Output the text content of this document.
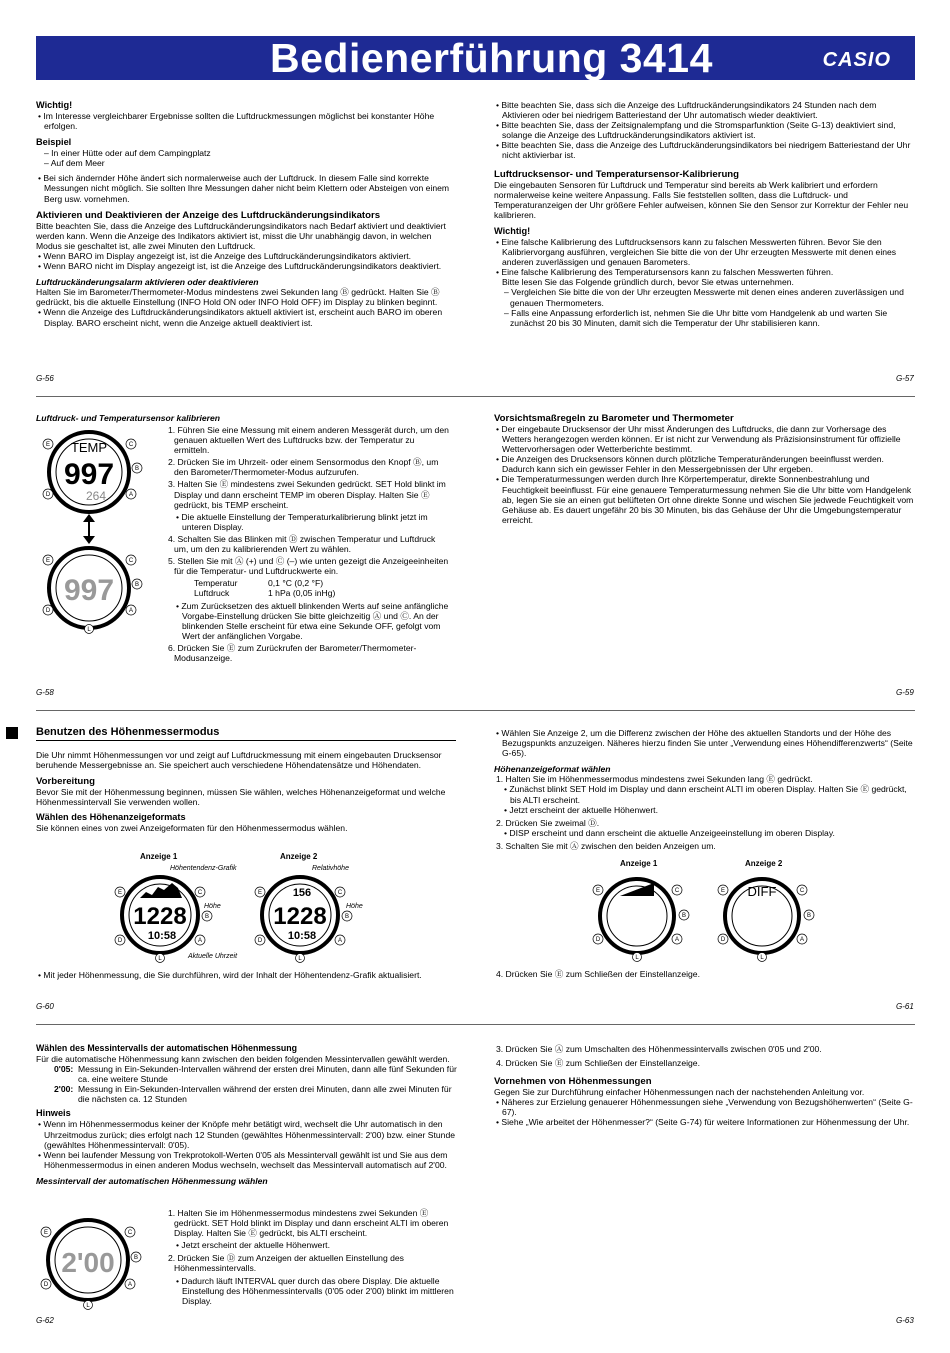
Bedienerführung 3414	CASIO

Wichtig!

• Im Interesse vergleichbarer Ergebnisse sollten die Luftdruckmessungen möglichst bei konstanter Höhe erfolgen.

Beispiel

– In einer Hütte oder auf dem Campingplatz

– Auf dem Meer

• Bei sich ändernder Höhe ändert sich normalerweise auch der Luftdruck. In diesem Falle sind korrekte Messungen nicht möglich. Sie sollten Ihre Messungen daher nicht beim Klettern oder Absteigen von einem Berg usw. vornehmen.

Aktivieren und Deaktivieren der Anzeige des Luftdruckänderungsindikators

Bitte beachten Sie, dass die Anzeige des Luftdruckänderungsindikators nach Bedarf aktiviert und deaktiviert werden kann. Wenn die Anzeige des Indikators aktiviert ist, misst die Uhr unabhängig davon, in welchen Modus sie geschaltet ist, alle zwei Minuten den Luftdruck.

• Wenn BARO im Display angezeigt ist, ist die Anzeige des Luftdruckänderungsindikators aktiviert.

• Wenn BARO nicht im Display angezeigt ist, ist die Anzeige des Luftdruckänderungsindikators deaktiviert.

Luftdruckänderungsalarm aktivieren oder deaktivieren

Halten Sie im Barometer/Thermometer-Modus mindestens zwei Sekunden lang Ⓑ gedrückt. Halten Sie Ⓑ gedrückt, bis die aktuelle Einstellung (INFO Hold ON oder INFO Hold OFF) im Display zu blinken beginnt.

• Wenn die Anzeige des Luftdruckänderungsindikators aktuell aktiviert ist, erscheint auch BARO im oberen Display. BARO erscheint nicht, wenn die Anzeige aktuell deaktiviert ist.

G-56

• Bitte beachten Sie, dass sich die Anzeige des Luftdruckänderungsindikators 24 Stunden nach dem Aktivieren oder bei niedrigem Batteriestand der Uhr automatisch wieder deaktiviert.

• Bitte beachten Sie, dass der Zeitsignalempfang und die Stromsparfunktion (Seite G-13) deaktiviert sind, solange die Anzeige des Luftdruckänderungsindikators aktiviert ist.

• Bitte beachten Sie, dass die Anzeige des Luftdruckänderungsindikators bei niedrigem Batteriestand der Uhr nicht aktivierbar ist.

Luftdrucksensor- und Temperatursensor-Kalibrierung

Die eingebauten Sensoren für Luftdruck und Temperatur sind bereits ab Werk kalibriert und erfordern normalerweise keine weitere Anpassung. Falls Sie feststellen sollten, dass die Luftdruck- und Temperaturanzeigen der Uhr größere Fehler aufweisen, können Sie den Sensor zur Korrektur der Fehler neu kalibrieren.

Wichtig!

• Eine falsche Kalibrierung des Luftdrucksensors kann zu falschen Messwerten führen. Bevor Sie den Kalibriervorgang ausführen, vergleichen Sie bitte die von der Uhr erzeugten Messwerte mit denen eines anderen zuverlässigen und genauen Barometers.

• Eine falsche Kalibrierung des Temperatursensors kann zu falschen Messwerten führen.

Bitte lesen Sie das Folgende gründlich durch, bevor Sie etwas unternehmen.

– Vergleichen Sie bitte die von der Uhr erzeugten Messwerte mit denen eines anderen zuverlässigen und genauen Thermometers.

– Falls eine Anpassung erforderlich ist, nehmen Sie die Uhr bitte vom Handgelenk ab und warten Sie zunächst 20 bis 30 Minuten, damit sich die Temperatur der Uhr stabilisieren kann.

G-57
Luftdruck- und Temperatursensor kalibrieren
TEMP
997
264
E	C
B
D	A
997
E	C
B
D	A
L

1. Führen Sie eine Messung mit einem anderen Messgerät durch, um den genauen aktuellen Wert des Luftdrucks bzw. der Temperatur zu ermitteln.

2. Drücken Sie im Uhrzeit- oder einem Sensormodus den Knopf Ⓑ, um den Barometer/Thermometer-Modus aufzurufen.

3. Halten Sie Ⓔ mindestens zwei Sekunden gedrückt. SET Hold blinkt im Display und dann erscheint TEMP im oberen Display. Halten Sie Ⓔ gedrückt, bis TEMP erscheint.

• Die aktuelle Einstellung der Temperaturkalibrierung blinkt jetzt im unteren Display.

4. Schalten Sie das Blinken mit Ⓓ zwischen Temperatur und Luftdruck um, um den zu kalibrierenden Wert zu wählen.

5. Stellen Sie mit Ⓐ (+) und Ⓒ (–) wie unten gezeigt die Anzeigeeinheiten für die Temperatur- und Luftdruckwerte ein.

Temperatur	0,1 °C (0,2 °F)
Luftdruck	1 hPa (0,05 inHg)

• Zum Zurücksetzen des aktuell blinkenden Werts auf seine anfängliche Vorgabe-Einstellung drücken Sie bitte gleichzeitig Ⓐ und Ⓒ. An der blinkenden Stelle erscheint für etwa eine Sekunde OFF, gefolgt vom Wert der anfänglichen Vorgabe.

6. Drücken Sie Ⓔ zum Zurückrufen der Barometer/Thermometer-Modusanzeige.

G-58

Vorsichtsmaßregeln zu Barometer und Thermometer

• Der eingebaute Drucksensor der Uhr misst Änderungen des Luftdrucks, die dann zur Vorhersage des Wetters herangezogen werden können. Er ist nicht zur Verwendung als Präzisionsinstrument für offizielle Wettervorhersagen oder Wetterberichte bestimmt.

• Die Anzeigen des Drucksensors können durch plötzliche Temperaturänderungen beeinflusst werden. Dadurch kann sich ein gewisser Fehler in den Messergebnissen der Uhr ergeben.

• Die Temperaturmessungen werden durch Ihre Körpertemperatur, direkte Sonnenbestrahlung und Feuchtigkeit beeinflusst. Für eine genauere Temperaturmessung nehmen Sie die Uhr bitte vom Handgelenk ab, legen Sie sie an einen gut belüfteten Ort ohne direkte Sonne und wischen Sie jedwede Feuchtigkeit vom Gehäuse ab. Es dauert ungefähr 20 bis 30 Minuten, bis das Gehäuse der Uhr die Umgebungstemperatur erreicht.

G-59
Benutzen des Höhenmessermodus

Die Uhr nimmt Höhenmessungen vor und zeigt auf Luftdruckmessung mit einem eingebauten Drucksensor beruhende Messergebnisse an. Sie speichert auch verschiedene Höhendatensätze und Höhendaten.

Vorbereitung

Bevor Sie mit der Höhenmessung beginnen, müssen Sie wählen, welches Höhenanzeigeformat und welche Höhenmessintervall Sie verwenden wollen.

Wählen des Höhenanzeigeformats

Sie können eines von zwei Anzeigeformaten für den Höhenmessermodus wählen.

Anzeige 1	Anzeige 2
1228
10:58
Höhentendenz-Grafik
Höhe
Aktuelle Uhrzeit
E	C
B
D	A
L
156
1228
10:58
Relativhöhe
Höhe
E	C
B
D	A
L

• Mit jeder Höhenmessung, die Sie durchführen, wird der Inhalt der Höhentendenz-Grafik aktualisiert.

G-60

• Wählen Sie Anzeige 2, um die Differenz zwischen der Höhe des aktuellen Standorts und der Höhe des Bezugspunkts anzuzeigen. Näheres hierzu finden Sie unter „Verwendung eines Höhendifferenzwerts“ (Seite G-65).

Höhenanzeigeformat wählen

1. Halten Sie im Höhenmessermodus mindestens zwei Sekunden lang Ⓔ gedrückt.

• Zunächst blinkt SET Hold im Display und dann erscheint ALTI im oberen Display. Halten Sie Ⓔ gedrückt, bis ALTI erscheint.

• Jetzt erscheint der aktuelle Höhenwert.

2. Drücken Sie zweimal Ⓓ.

• DISP erscheint und dann erscheint die aktuelle Anzeigeeinstellung im oberen Display.

3. Schalten Sie mit Ⓐ zwischen den beiden Anzeigen um.

Anzeige 1	Anzeige 2
E	C
B
D	A
L
DIFF
E	C
B
D	A
L

4. Drücken Sie Ⓔ zum Schließen der Einstellanzeige.

G-61

Wählen des Messintervalls der automatischen Höhenmessung

Für die automatische Höhenmessung kann zwischen den beiden folgenden Messintervallen gewählt werden.

0'05: Messung in Ein-Sekunden-Intervallen während der ersten drei Minuten, dann alle fünf Sekunden für ca. eine weitere Stunde
2'00: Messung in Ein-Sekunden-Intervallen während der ersten drei Minuten, dann alle zwei Minuten für die nächsten ca. 12 Stunden

Hinweis

• Wenn im Höhenmessermodus keiner der Knöpfe mehr betätigt wird, wechselt die Uhr automatisch in den Uhrzeitmodus zurück; dies erfolgt nach 12 Stunden (gewähltes Höhenmessintervall: 2'00) bzw. einer Stunde (gewähltes Höhenmessintervall: 0'05).

• Wenn bei laufender Messung von Trekprotokoll-Werten 0'05 als Messintervall gewählt ist und Sie aus dem Höhenmessermodus in einen anderen Modus wechseln, wechselt das Messintervall automatisch auf 2'00.

Messintervall der automatischen Höhenmessung wählen

2'00
E	C
B
D	A
L

1. Halten Sie im Höhenmessermodus mindestens zwei Sekunden Ⓔ gedrückt. SET Hold blinkt im Display und dann erscheint ALTI im oberen Display. Halten Sie Ⓔ gedrückt, bis ALTI erscheint.

• Jetzt erscheint der aktuelle Höhenwert.

2. Drücken Sie Ⓓ zum Anzeigen der aktuellen Einstellung des Höhenmessintervalls.

• Dadurch läuft INTERVAL quer durch das obere Display. Die aktuelle Einstellung des Höhenmessintervalls (0'05 oder 2'00) blinkt im mittleren Display.

G-62

3. Drücken Sie Ⓐ zum Umschalten des Höhenmessintervalls zwischen 0'05 und 2'00.

4. Drücken Sie Ⓔ zum Schließen der Einstellanzeige.

Vornehmen von Höhenmessungen

Gegen Sie zur Durchführung einfacher Höhenmessungen nach der nachstehenden Anleitung vor.

• Näheres zur Erzielung genauerer Höhenmessungen siehe „Verwendung von Bezugshöhenwerten“ (Seite G-67).

• Siehe „Wie arbeitet der Höhenmesser?“ (Seite G-74) für weitere Informationen zur Höhenmessung der Uhr.

G-63
